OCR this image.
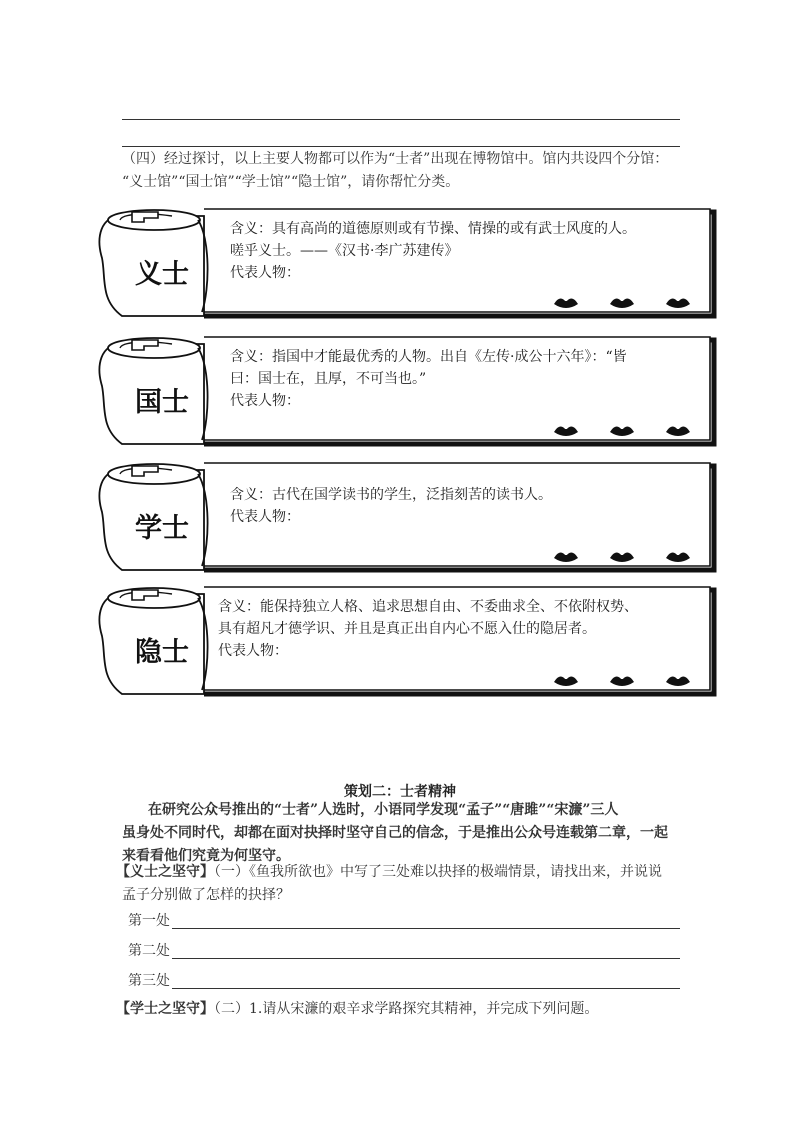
（四）经过探讨，以上主要人物都可以作为“士者”出现在博物馆中。馆内共设四个分馆：
“义士馆”“国士馆”“学士馆”“隐士馆”，请你帮忙分类。
义士
含义：具有高尚的道德原则或有节操、情操的或有武士风度的人。
嗟乎义士。——《汉书·李广苏建传》
代表人物：
国士
含义：指国中才能最优秀的人物。出自《左传·成公十六年》：“皆
曰：国士在，且厚，不可当也。”
代表人物：
学士
含义：古代在国学读书的学生，泛指刻苦的读书人。
代表人物：
隐士
含义：能保持独立人格、追求思想自由、不委曲求全、不依附权势、
具有超凡才德学识、并且是真正出自内心不愿入仕的隐居者。
代表人物：
策划二：士者精神
在研究公众号推出的“士者”人选时，小语同学发现“孟子”“唐雎”“宋濂”三人
虽身处不同时代，却都在面对抉择时坚守自己的信念，于是推出公众号连载第二章，一起
来看看他们究竟为何坚守。
【义士之坚守】（一）《鱼我所欲也》中写了三处难以抉择的极端情景，请找出来，并说说
孟子分别做了怎样的抉择？
第一处
第二处
第三处
【学士之坚守】（二）1.请从宋濂的艰辛求学路探究其精神，并完成下列问题。
